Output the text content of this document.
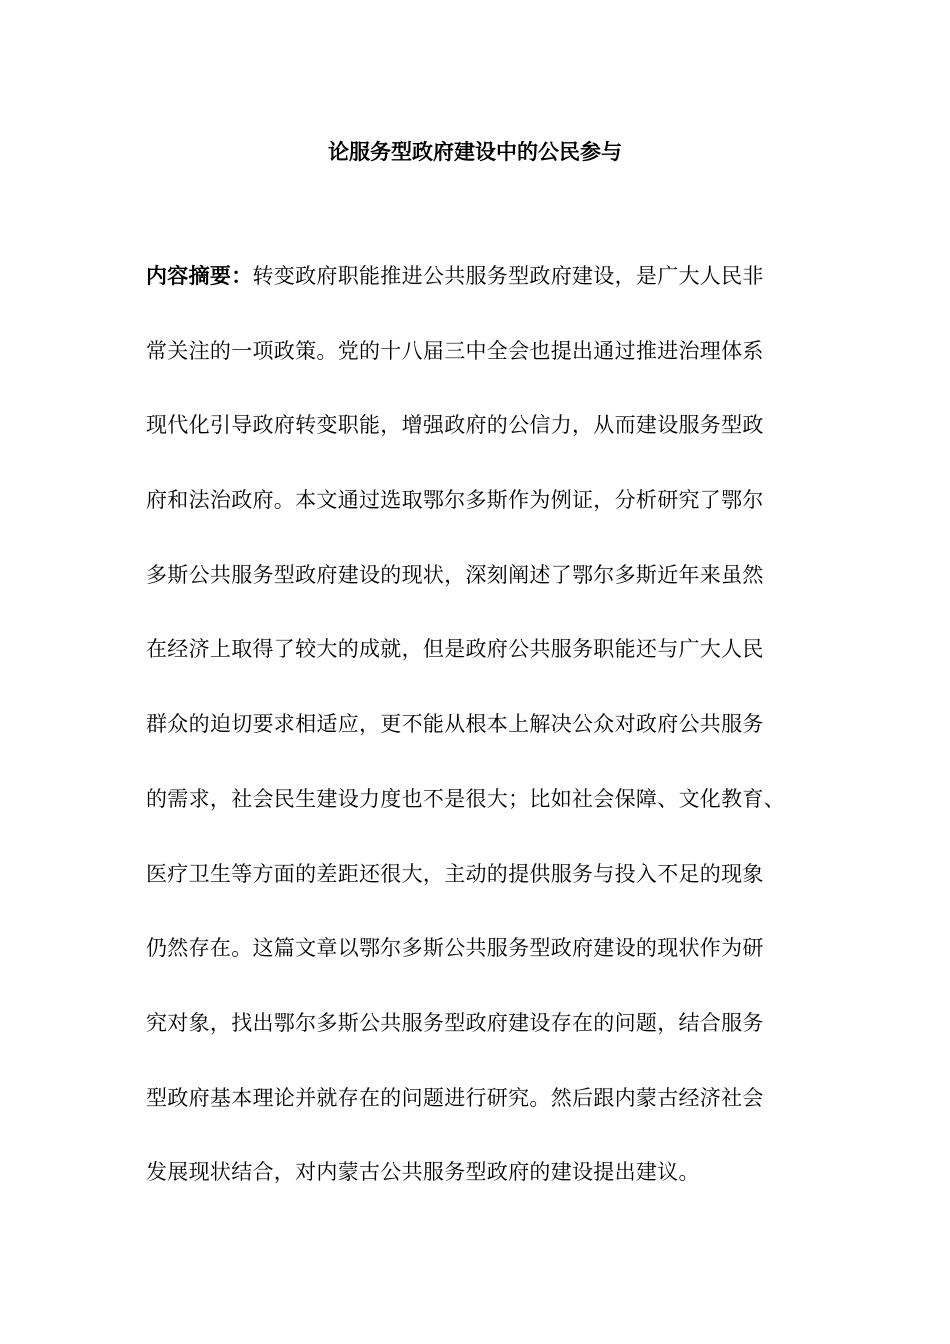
论服务型政府建设中的公民参与
内容摘要：转变政府职能推进公共服务型政府建设，是广大人民非
常关注的一项政策。党的十八届三中全会也提出通过推进治理体系
现代化引导政府转变职能，增强政府的公信力，从而建设服务型政
府和法治政府。本文通过选取鄂尔多斯作为例证，分析研究了鄂尔
多斯公共服务型政府建设的现状，深刻阐述了鄂尔多斯近年来虽然
在经济上取得了较大的成就，但是政府公共服务职能还与广大人民
群众的迫切要求相适应，更不能从根本上解决公众对政府公共服务
的需求，社会民生建设力度也不是很大；比如社会保障、文化教育、
医疗卫生等方面的差距还很大，主动的提供服务与投入不足的现象
仍然存在。这篇文章以鄂尔多斯公共服务型政府建设的现状作为研
究对象，找出鄂尔多斯公共服务型政府建设存在的问题，结合服务
型政府基本理论并就存在的问题进行研究。然后跟内蒙古经济社会
发展现状结合，对内蒙古公共服务型政府的建设提出建议。
